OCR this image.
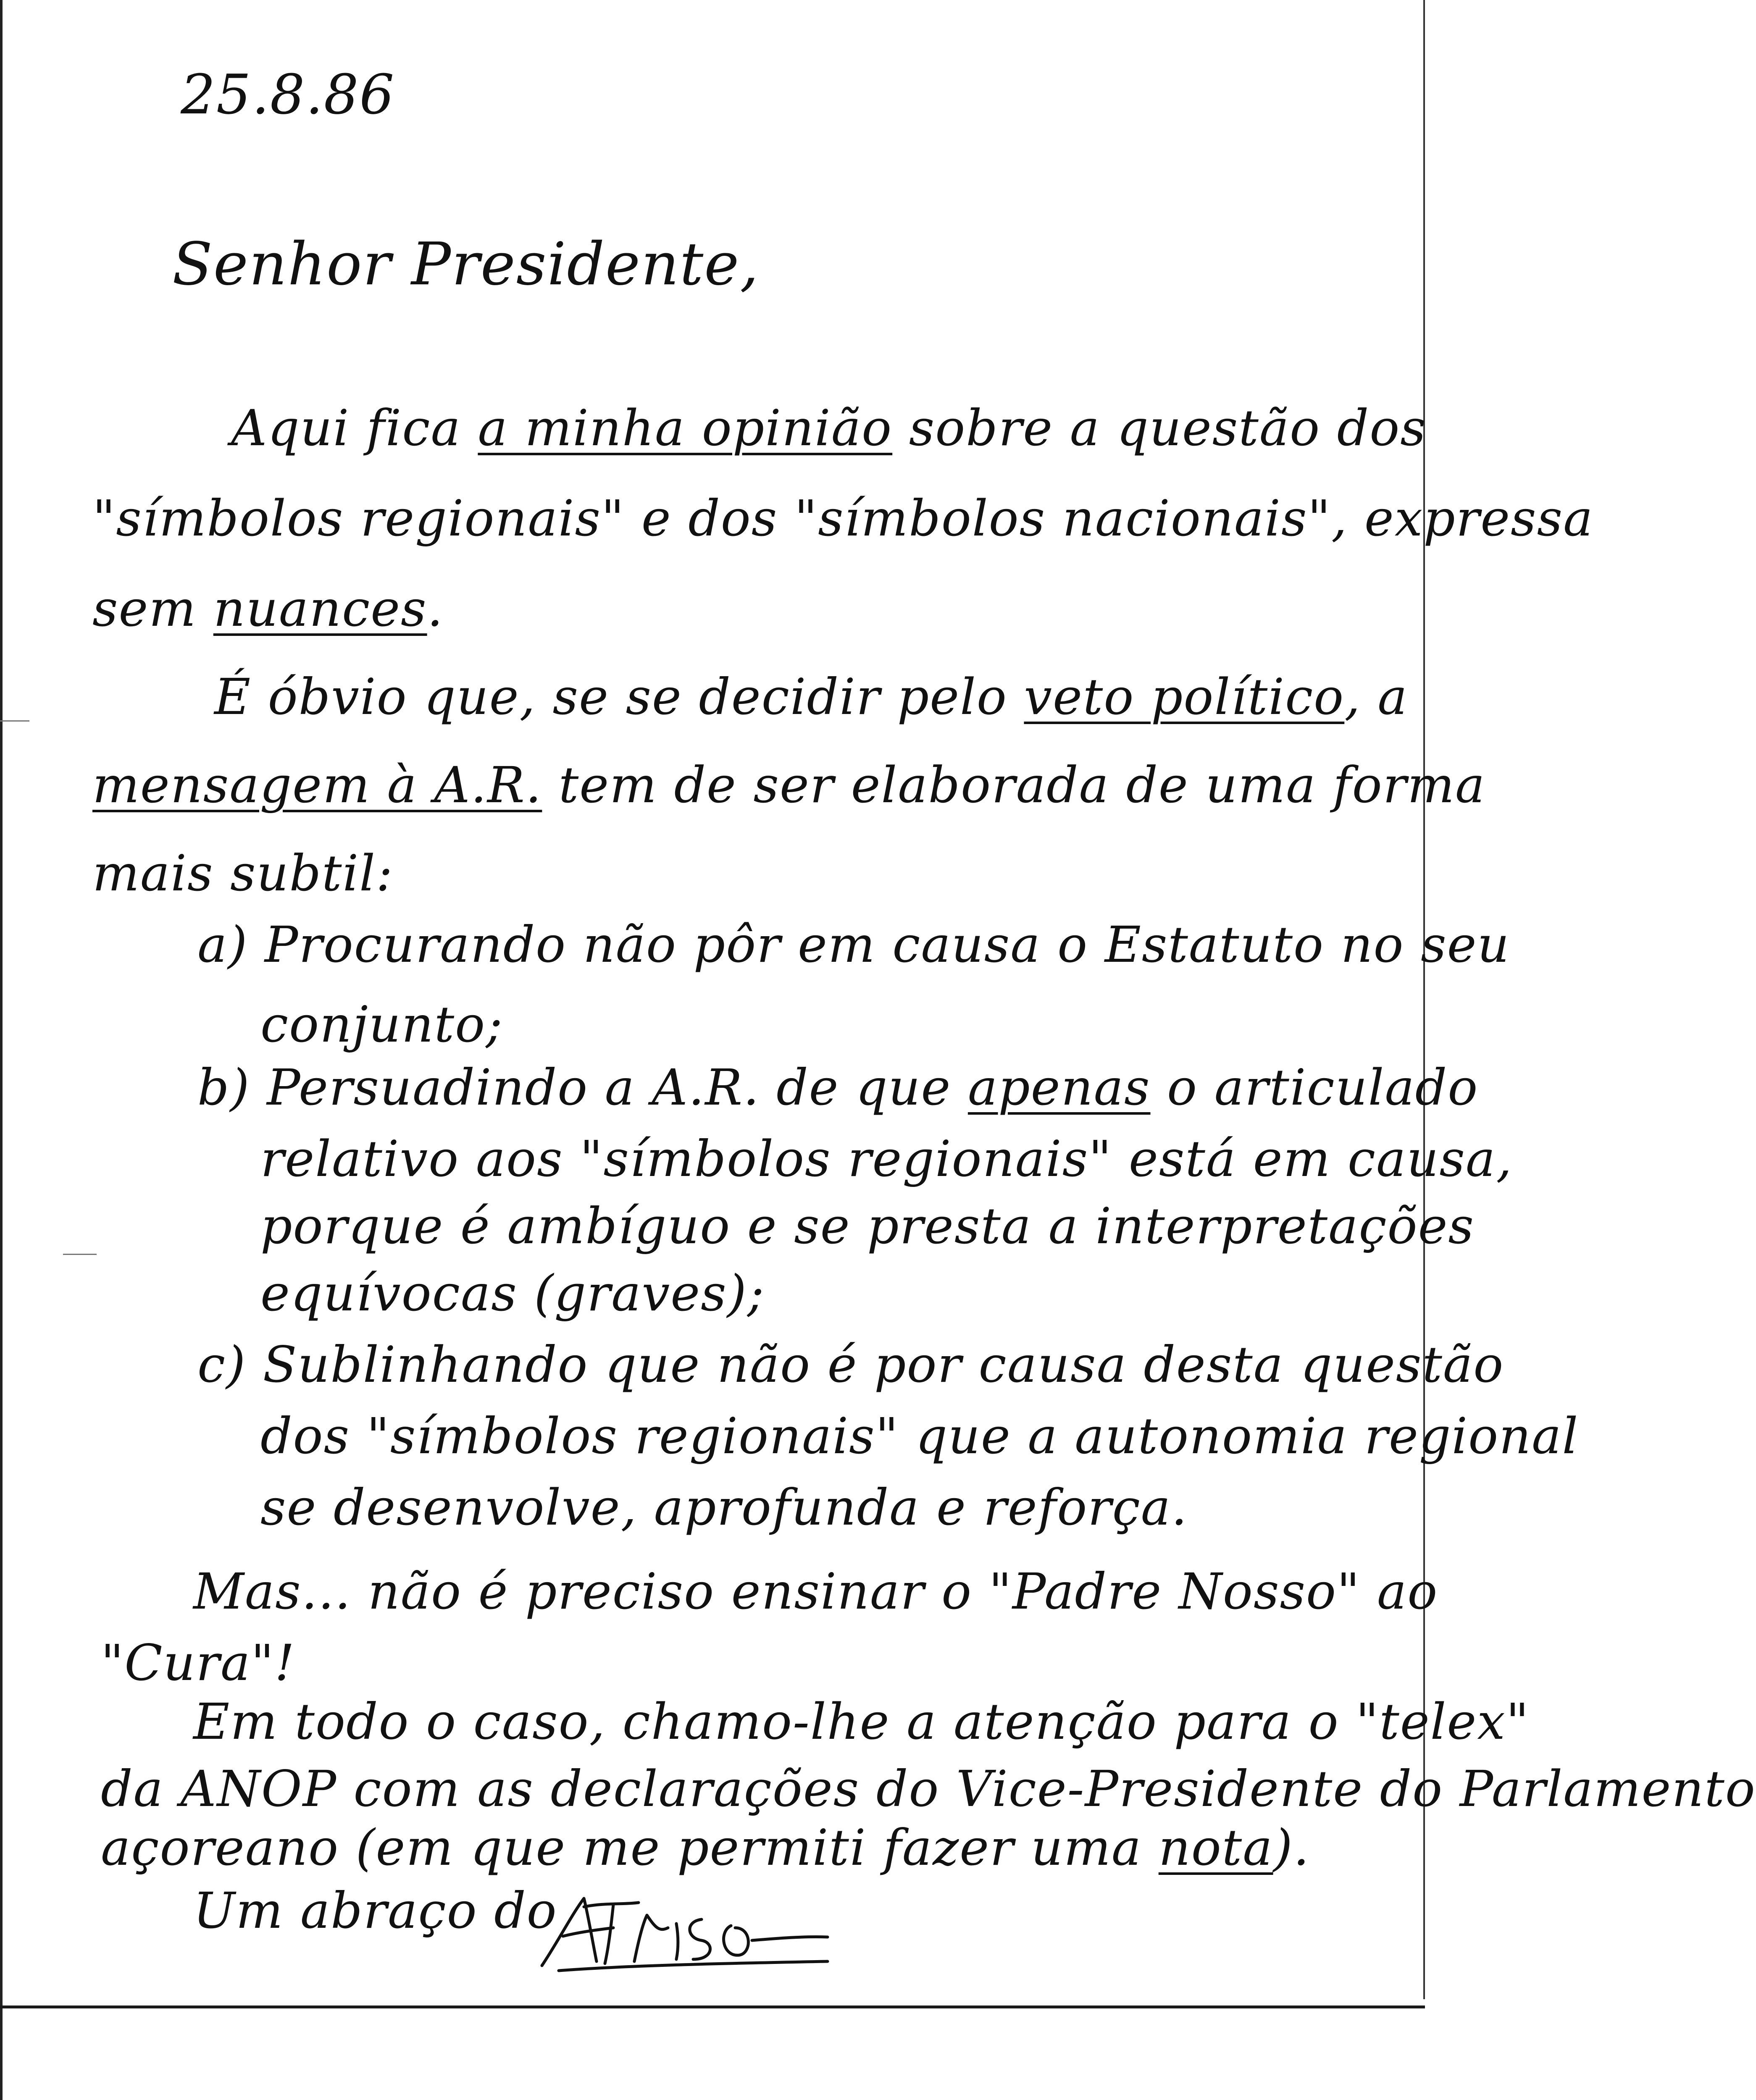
25.8.86
Senhor Presidente,
Aqui fica a minha opinião sobre a questão dos
"símbolos regionais" e dos "símbolos nacionais", expressa
sem nuances.
É óbvio que, se se decidir pelo veto político, a
mensagem à A.R. tem de ser elaborada de uma forma
mais subtil:
a) Procurando não pôr em causa o Estatuto no seu
conjunto;
b) Persuadindo a A.R. de que apenas o articulado
relativo aos "símbolos regionais" está em causa,
porque é ambíguo e se presta a interpretações
equívocas (graves);
c) Sublinhando que não é por causa desta questão
dos "símbolos regionais" que a autonomia regional
se desenvolve, aprofunda e reforça.
Mas... não é preciso ensinar o "Padre Nosso" ao
"Cura"!
Em todo o caso, chamo-lhe a atenção para o "telex"
da ANOP com as declarações do Vice-Presidente do Parlamento
açoreano (em que me permiti fazer uma nota).
Um abraço do
